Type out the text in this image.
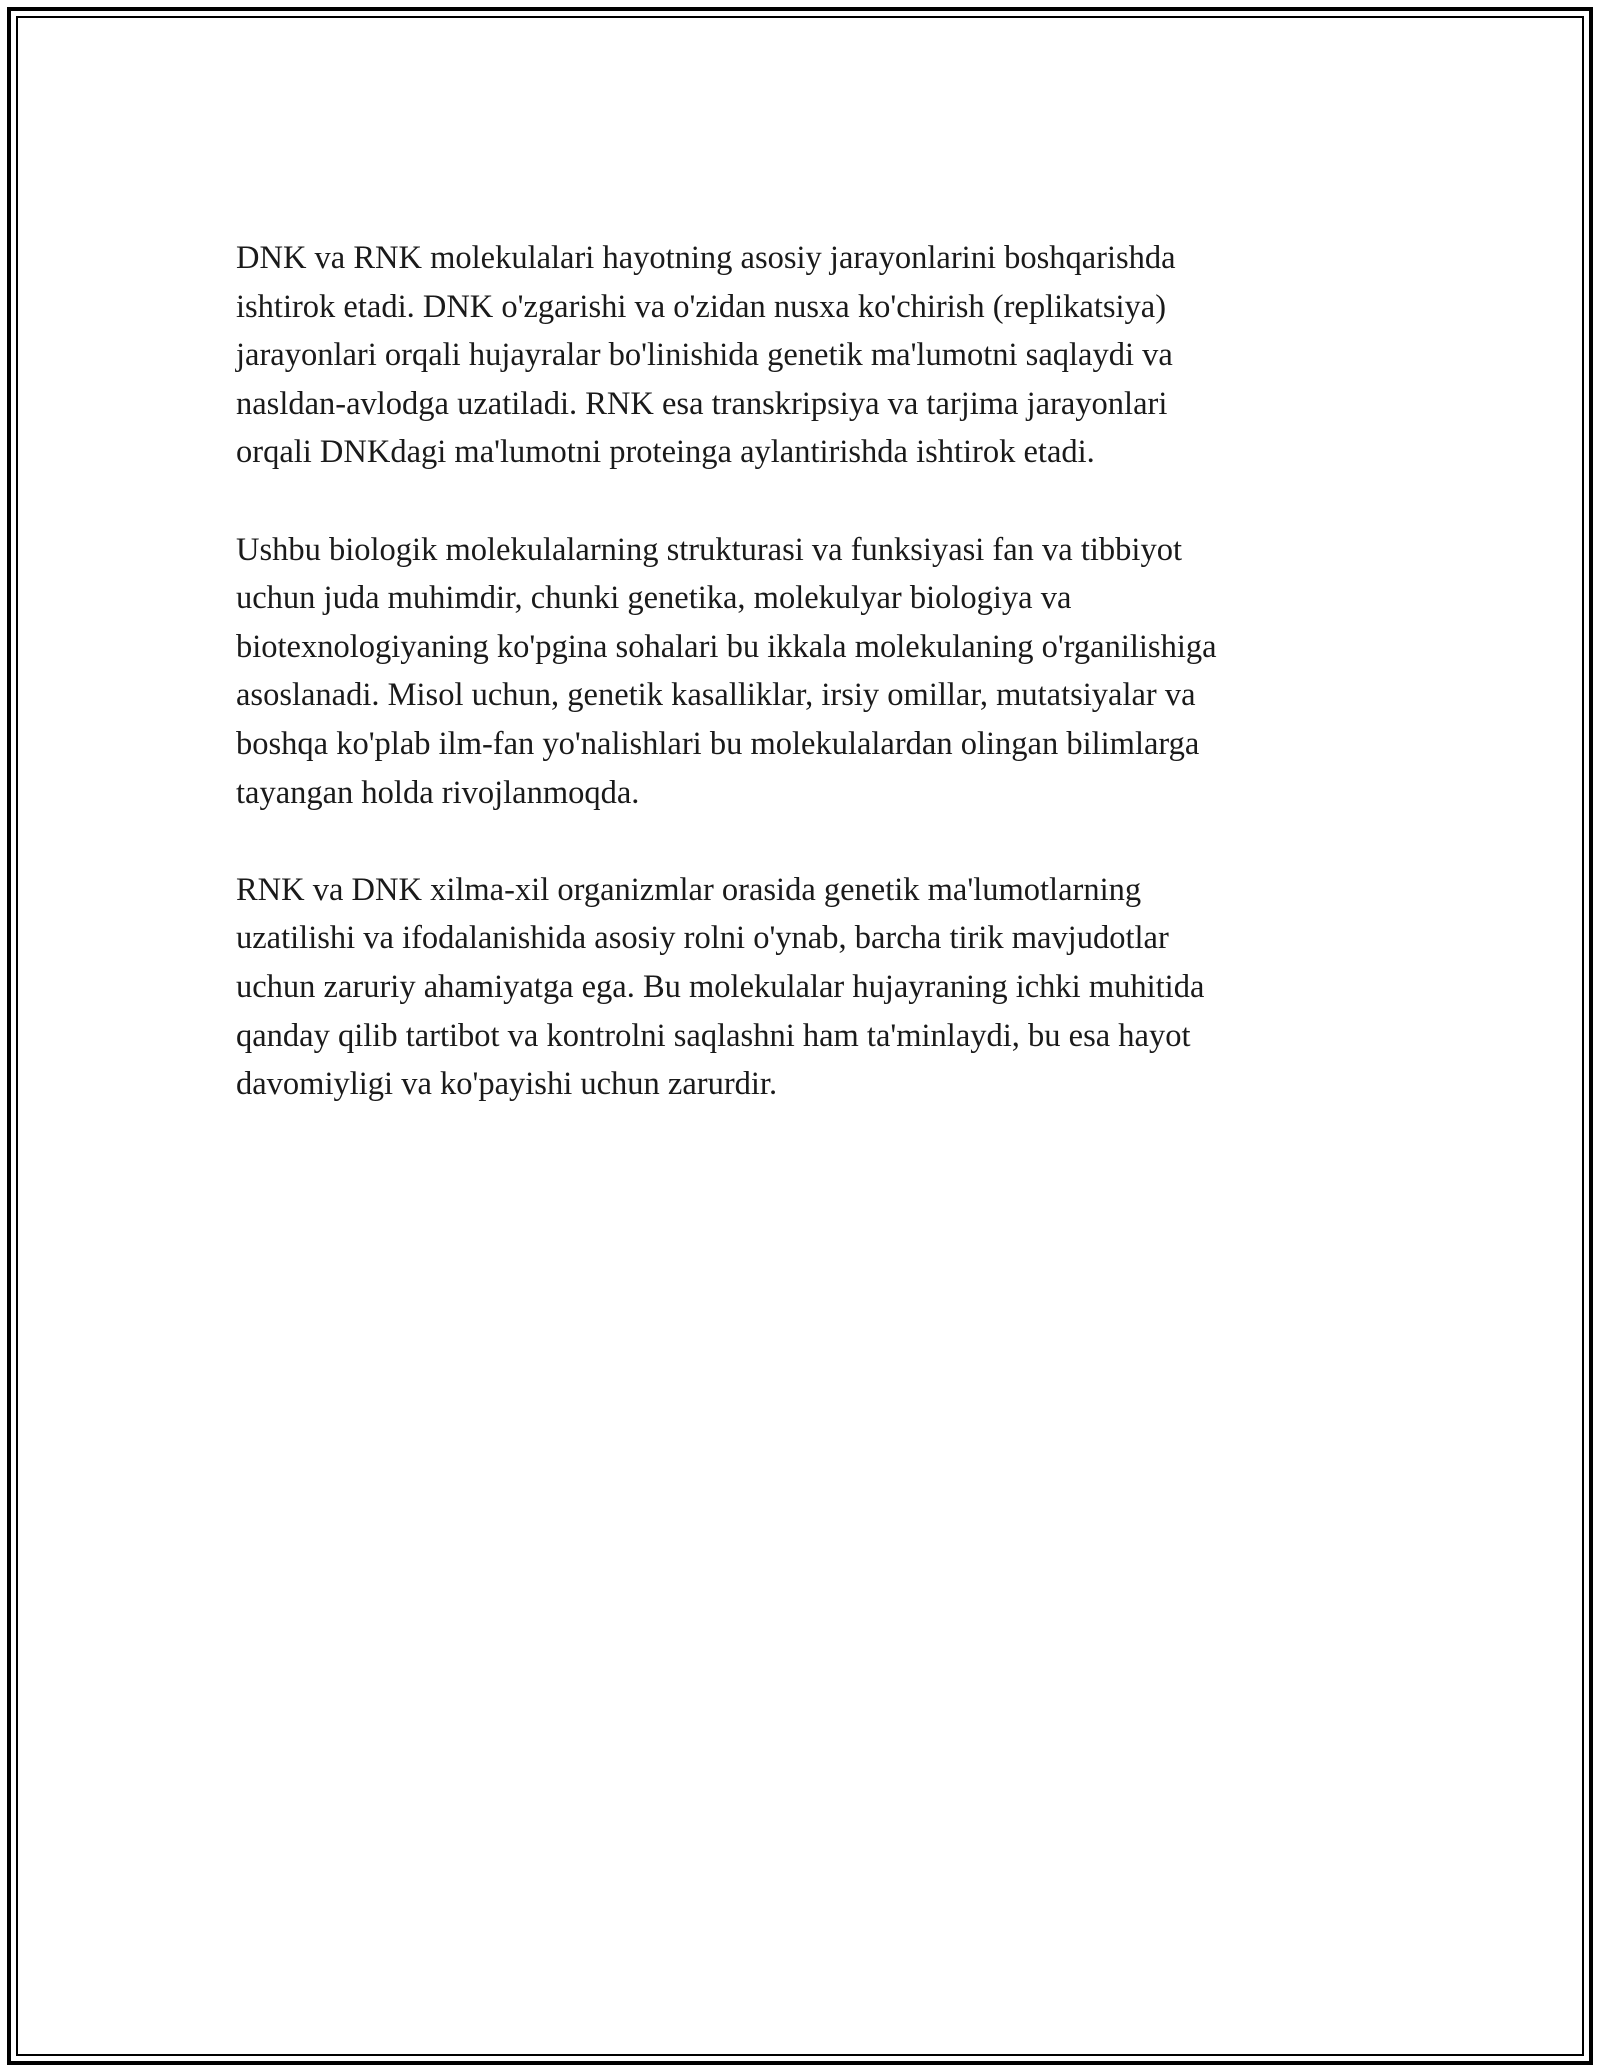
DNK va RNK molekulalari hayotning asosiy jarayonlarini boshqarishda
ishtirok etadi. DNK o'zgarishi va o'zidan nusxa ko'chirish (replikatsiya)
jarayonlari orqali hujayralar bo'linishida genetik ma'lumotni saqlaydi va
nasldan-avlodga uzatiladi. RNK esa transkripsiya va tarjima jarayonlari
orqali DNKdagi ma'lumotni proteinga aylantirishda ishtirok etadi.

Ushbu biologik molekulalarning strukturasi va funksiyasi fan va tibbiyot
uchun juda muhimdir, chunki genetika, molekulyar biologiya va
biotexnologiyaning ko'pgina sohalari bu ikkala molekulaning o'rganilishiga
asoslanadi. Misol uchun, genetik kasalliklar, irsiy omillar, mutatsiyalar va
boshqa ko'plab ilm-fan yo'nalishlari bu molekulalardan olingan bilimlarga
tayangan holda rivojlanmoqda.

RNK va DNK xilma-xil organizmlar orasida genetik ma'lumotlarning
uzatilishi va ifodalanishida asosiy rolni o'ynab, barcha tirik mavjudotlar
uchun zaruriy ahamiyatga ega. Bu molekulalar hujayraning ichki muhitida
qanday qilib tartibot va kontrolni saqlashni ham ta'minlaydi, bu esa hayot
davomiyligi va ko'payishi uchun zarurdir.
